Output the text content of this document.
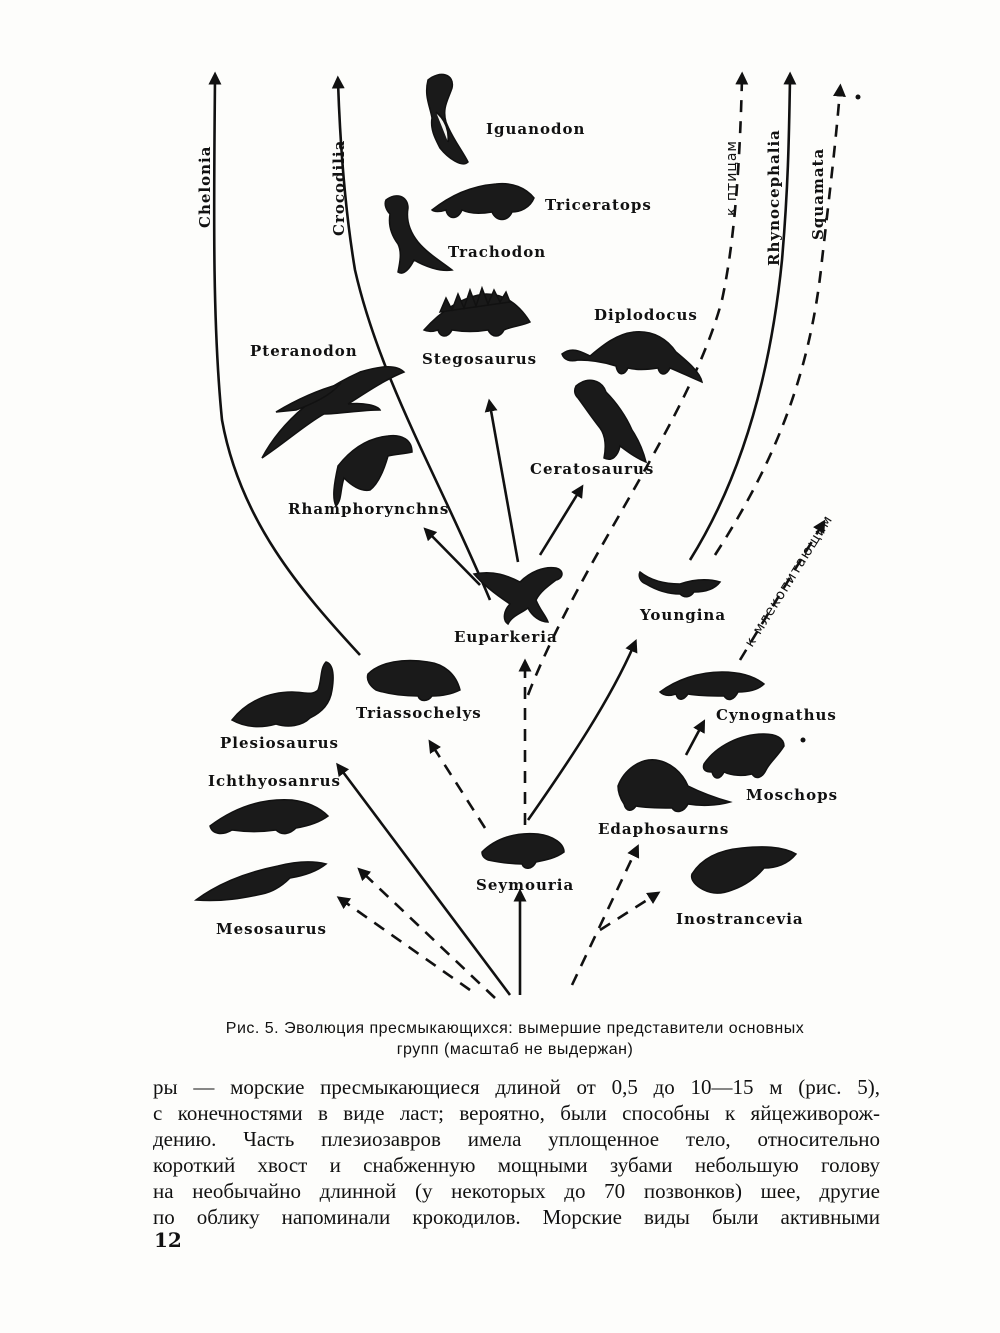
Iguanodon
Triceratops
Trachodon
Stegosaurus
Diplodocus
Pteranodon
Ceratosaurus
Rhamphorynchns
Euparkeria
Youngina
Triassochelys
Plesiosaurus
Cynognathus
Ichthyosanrus
Moschops
Edaphosaurns
Seymouria
Mesosaurus
Inostrancevia
Chelonia	Crocodilia	к птицам Rhynocephalia Squamata
к млекопитающим
Рис. 5. Эволюция пресмыкающихся: вымершие представители основных
групп (масштаб не выдержан)

ры — морские пресмыкающиеся длиной от 0,5 до 10—15 м (рис. 5),

с конечностями в виде ласт; вероятно, были способны к яйцеживорож-

дению. Часть плезиозавров имела уплощенное тело, относительно

короткий хвост и снабженную мощными зубами небольшую голову

на необычайно длинной (у некоторых до 70 позвонков) шее, другие

по облику напоминали крокодилов. Морские виды были активными

12
